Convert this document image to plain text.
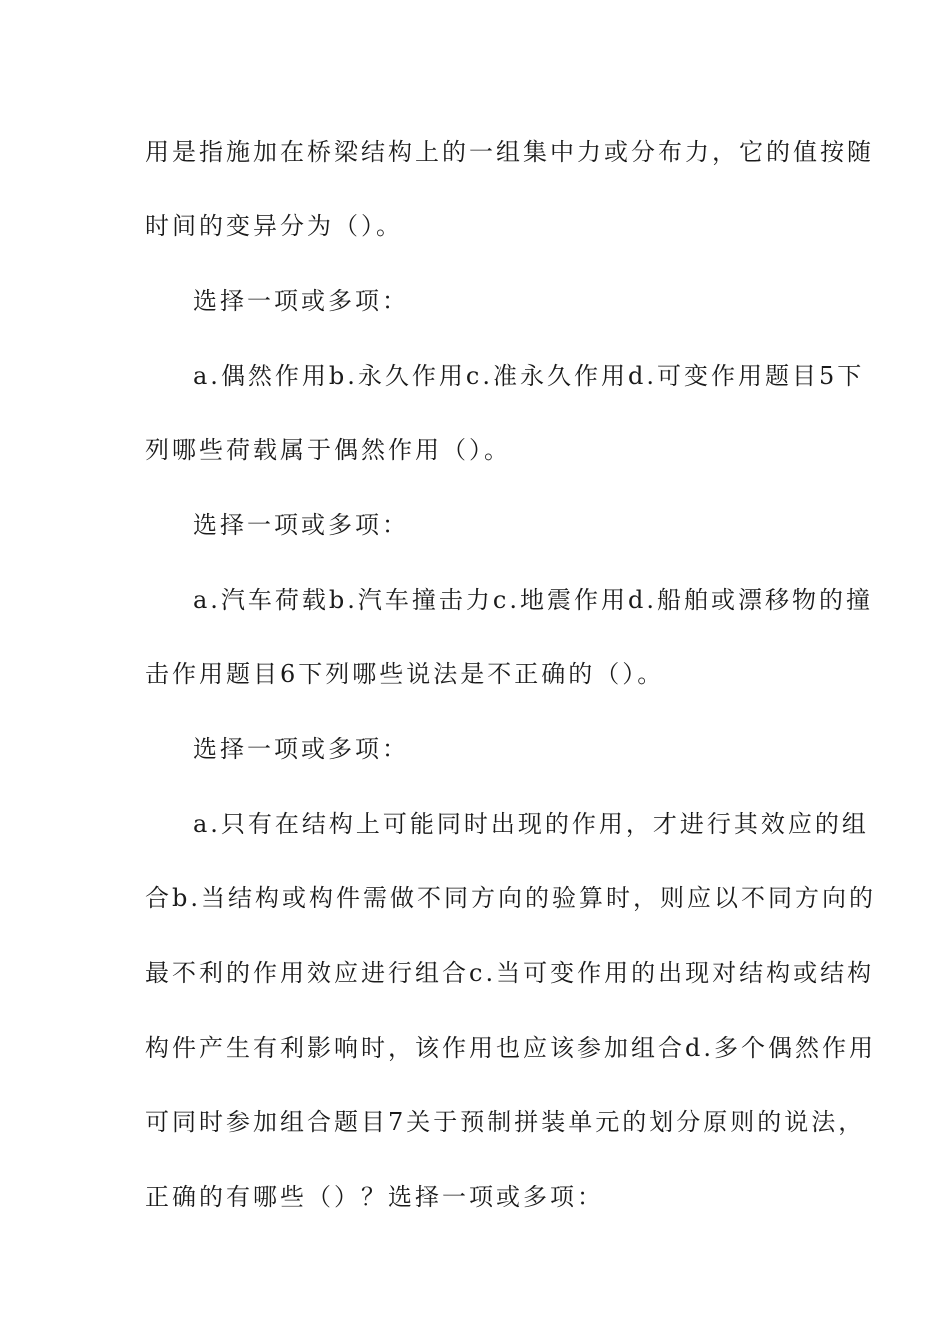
用是指施加在桥梁结构上的一组集中力或分布力，它的值按随
时间的变异分为（）。
选择一项或多项：
a.偶然作用b.永久作用c.准永久作用d.可变作用题目5下
列哪些荷载属于偶然作用（）。
选择一项或多项：
a.汽车荷载b.汽车撞击力c.地震作用d.船舶或漂移物的撞
击作用题目6下列哪些说法是不正确的（）。
选择一项或多项：
a.只有在结构上可能同时出现的作用，才进行其效应的组
合b.当结构或构件需做不同方向的验算时，则应以不同方向的
最不利的作用效应进行组合c.当可变作用的出现对结构或结构
构件产生有利影响时，该作用也应该参加组合d.多个偶然作用
可同时参加组合题目7关于预制拼装单元的划分原则的说法，
正确的有哪些（）？选择一项或多项：
